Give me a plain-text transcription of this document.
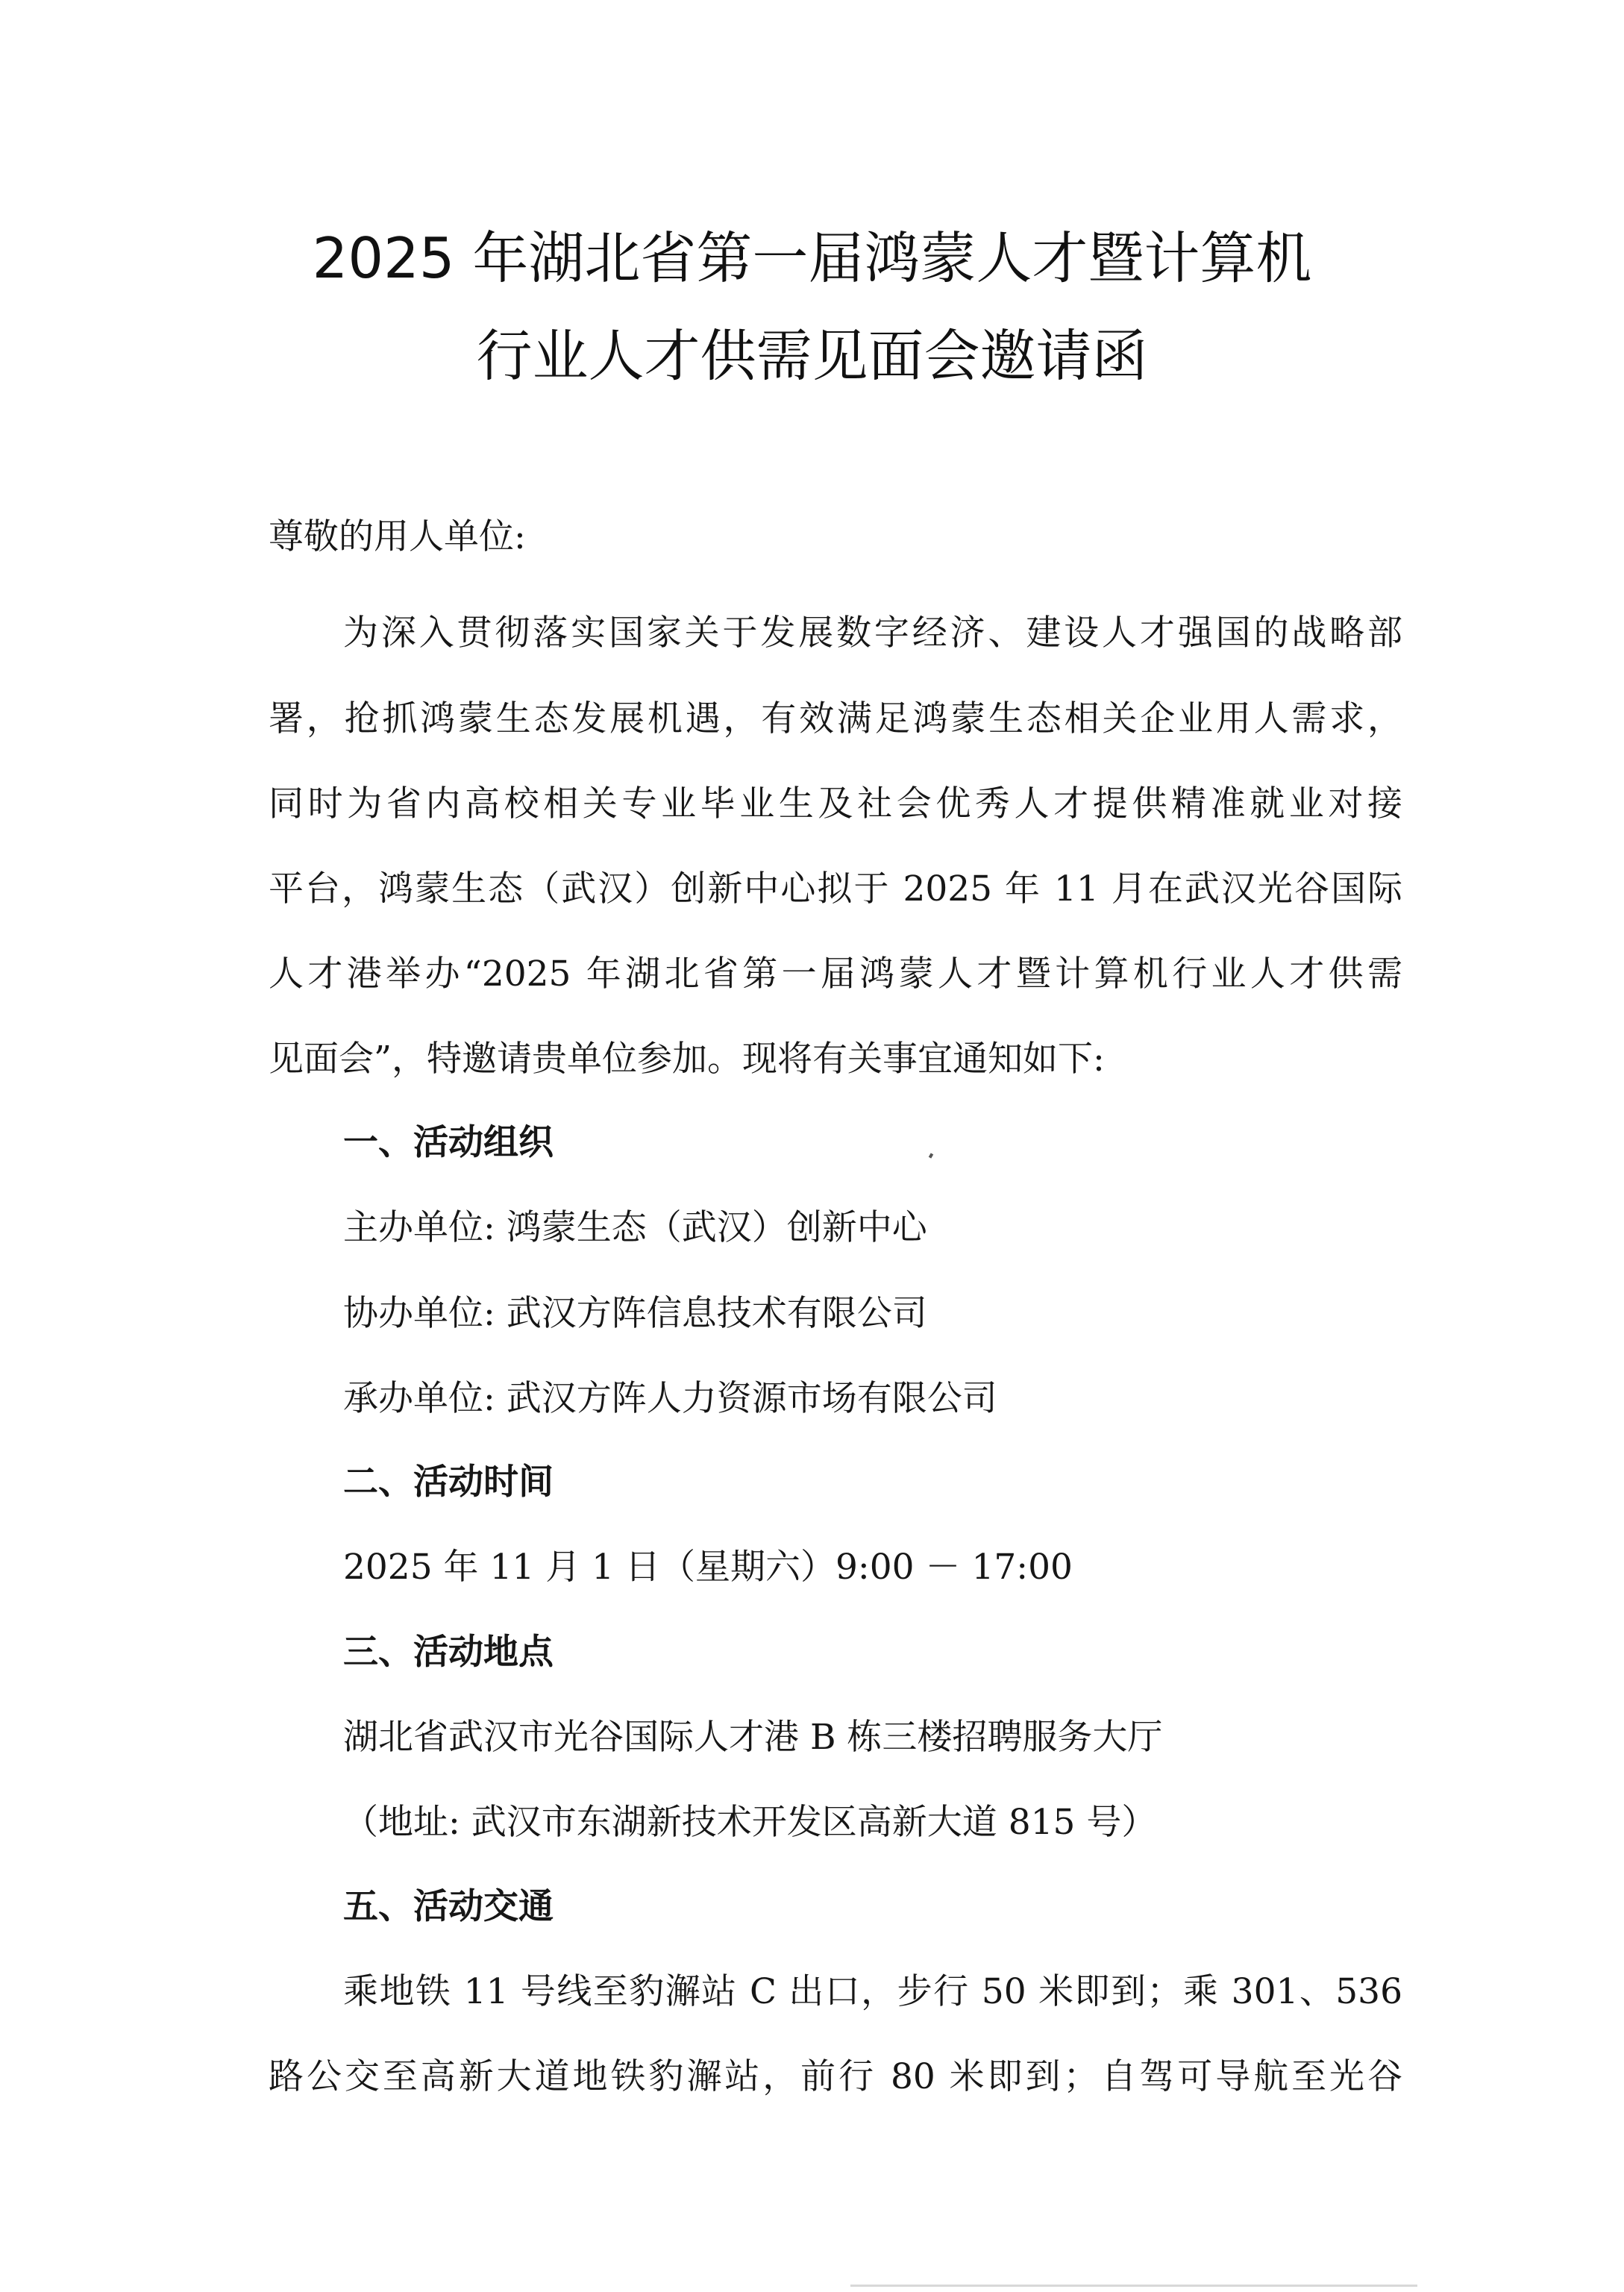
2025 年湖北省第一届鸿蒙人才暨计算机
行业人才供需见面会邀请函
尊敬的用人单位:
为深入贯彻落实国家关于发展数字经济、建设人才强国的战略部
署，抢抓鸿蒙生态发展机遇，有效满足鸿蒙生态相关企业用人需求，
同时为省内高校相关专业毕业生及社会优秀人才提供精准就业对接
平台，鸿蒙生态（武汉）创新中心拟于 2025 年 11 月在武汉光谷国际
人才港举办“2025 年湖北省第一届鸿蒙人才暨计算机行业人才供需
见面会”，特邀请贵单位参加。现将有关事宜通知如下:
一、活动组织
主办单位: 鸿蒙生态（武汉）创新中心
协办单位: 武汉方阵信息技术有限公司
承办单位: 武汉方阵人力资源市场有限公司
二、活动时间
2025 年 11 月 1 日（星期六）9:00 － 17:00
三、活动地点
湖北省武汉市光谷国际人才港 B 栋三楼招聘服务大厅
（地址: 武汉市东湖新技术开发区高新大道 815 号）
五、活动交通
乘地铁 11 号线至豹澥站 C 出口，步行 50 米即到；乘 301、536
路公交至高新大道地铁豹澥站，前行 80 米即到；自驾可导航至光谷
